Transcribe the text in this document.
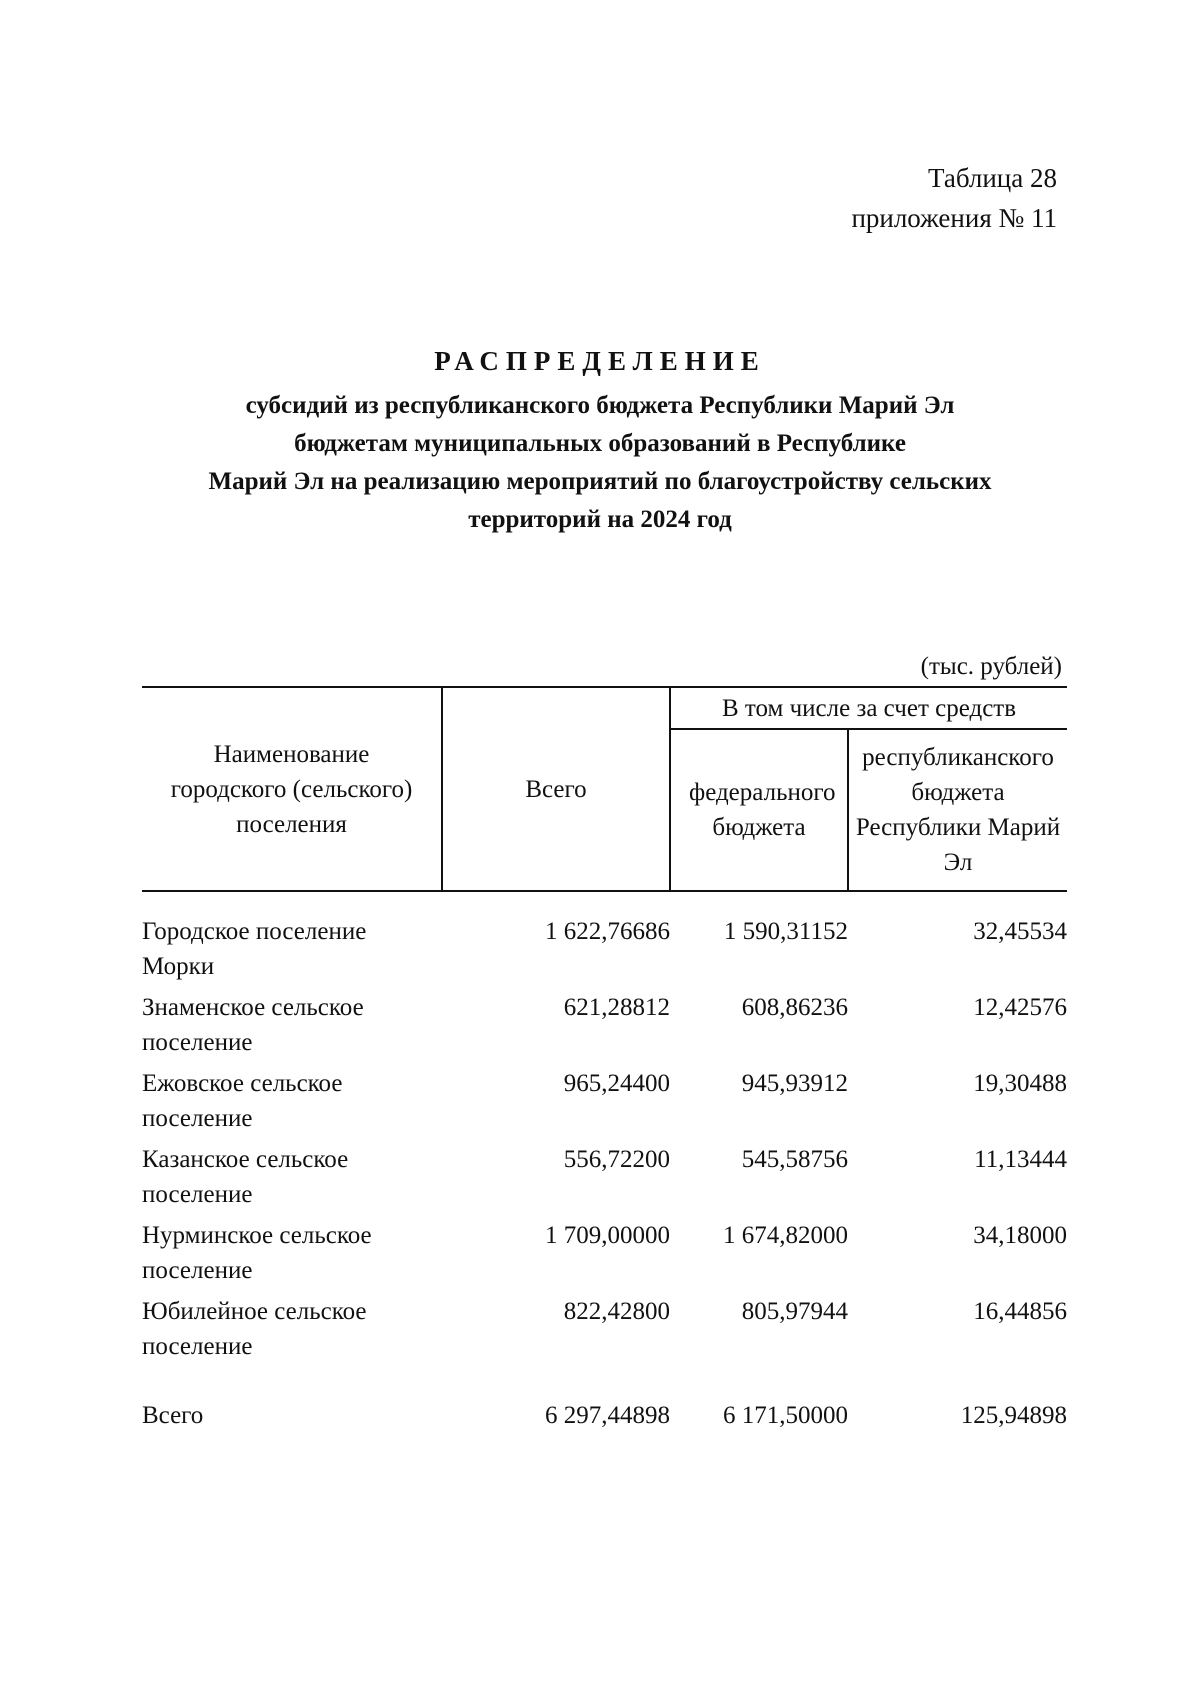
Таблица 28
приложения № 11
РАСПРЕДЕЛЕНИЕ
субсидий из республиканского бюджета Республики Марий Эл
бюджетам муниципальных образований в Республике
Марий Эл на реализацию мероприятий по благоустройству сельских
территорий на 2024 год
(тыс. рублей)
Наименование городского (сельского) поселения	Всего	В том числе за счет средств	
		федерального бюджета	республиканского бюджета Республики Марий Эл

Городское поселение Морки	1 622,76686	1 590,31152	32,45534
Знаменское сельское поселение	621,28812	608,86236	12,42576
Ежовское сельское поселение	965,24400	945,93912	19,30488
Казанское сельское поселение	556,72200	545,58756	11,13444
Нурминское сельское поселение	1 709,00000	1 674,82000	34,18000
Юбилейное сельское поселение	822,42800	805,97944	16,44856

Всего	6 297,44898	6 171,50000	125,94898
